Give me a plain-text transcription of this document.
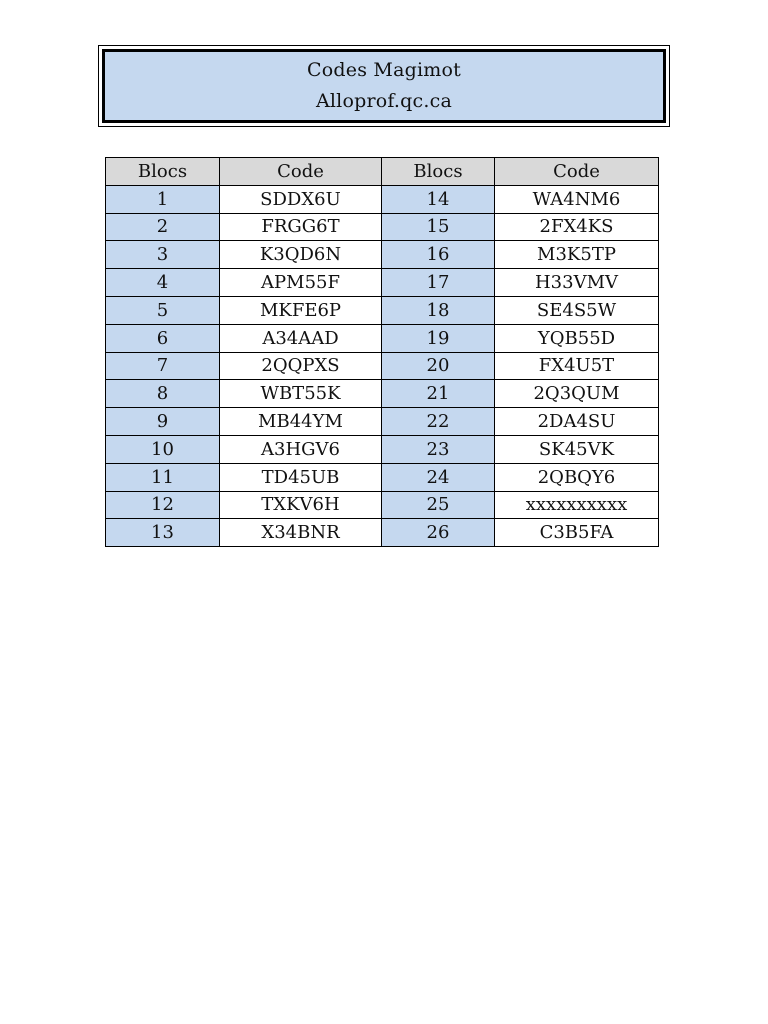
Codes Magimot
Alloprof.qc.ca
Blocs	Code	Blocs	Code
1	SDDX6U	14	WA4NM6
2	FRGG6T	15	2FX4KS
3	K3QD6N	16	M3K5TP
4	APM55F	17	H33VMV
5	MKFE6P	18	SE4S5W
6	A34AAD	19	YQB55D
7	2QQPXS	20	FX4U5T
8	WBT55K	21	2Q3QUM
9	MB44YM	22	2DA4SU
10	A3HGV6	23	SK45VK
11	TD45UB	24	2QBQY6
12	TXKV6H	25	xxxxxxxxxx
13	X34BNR	26	C3B5FA
